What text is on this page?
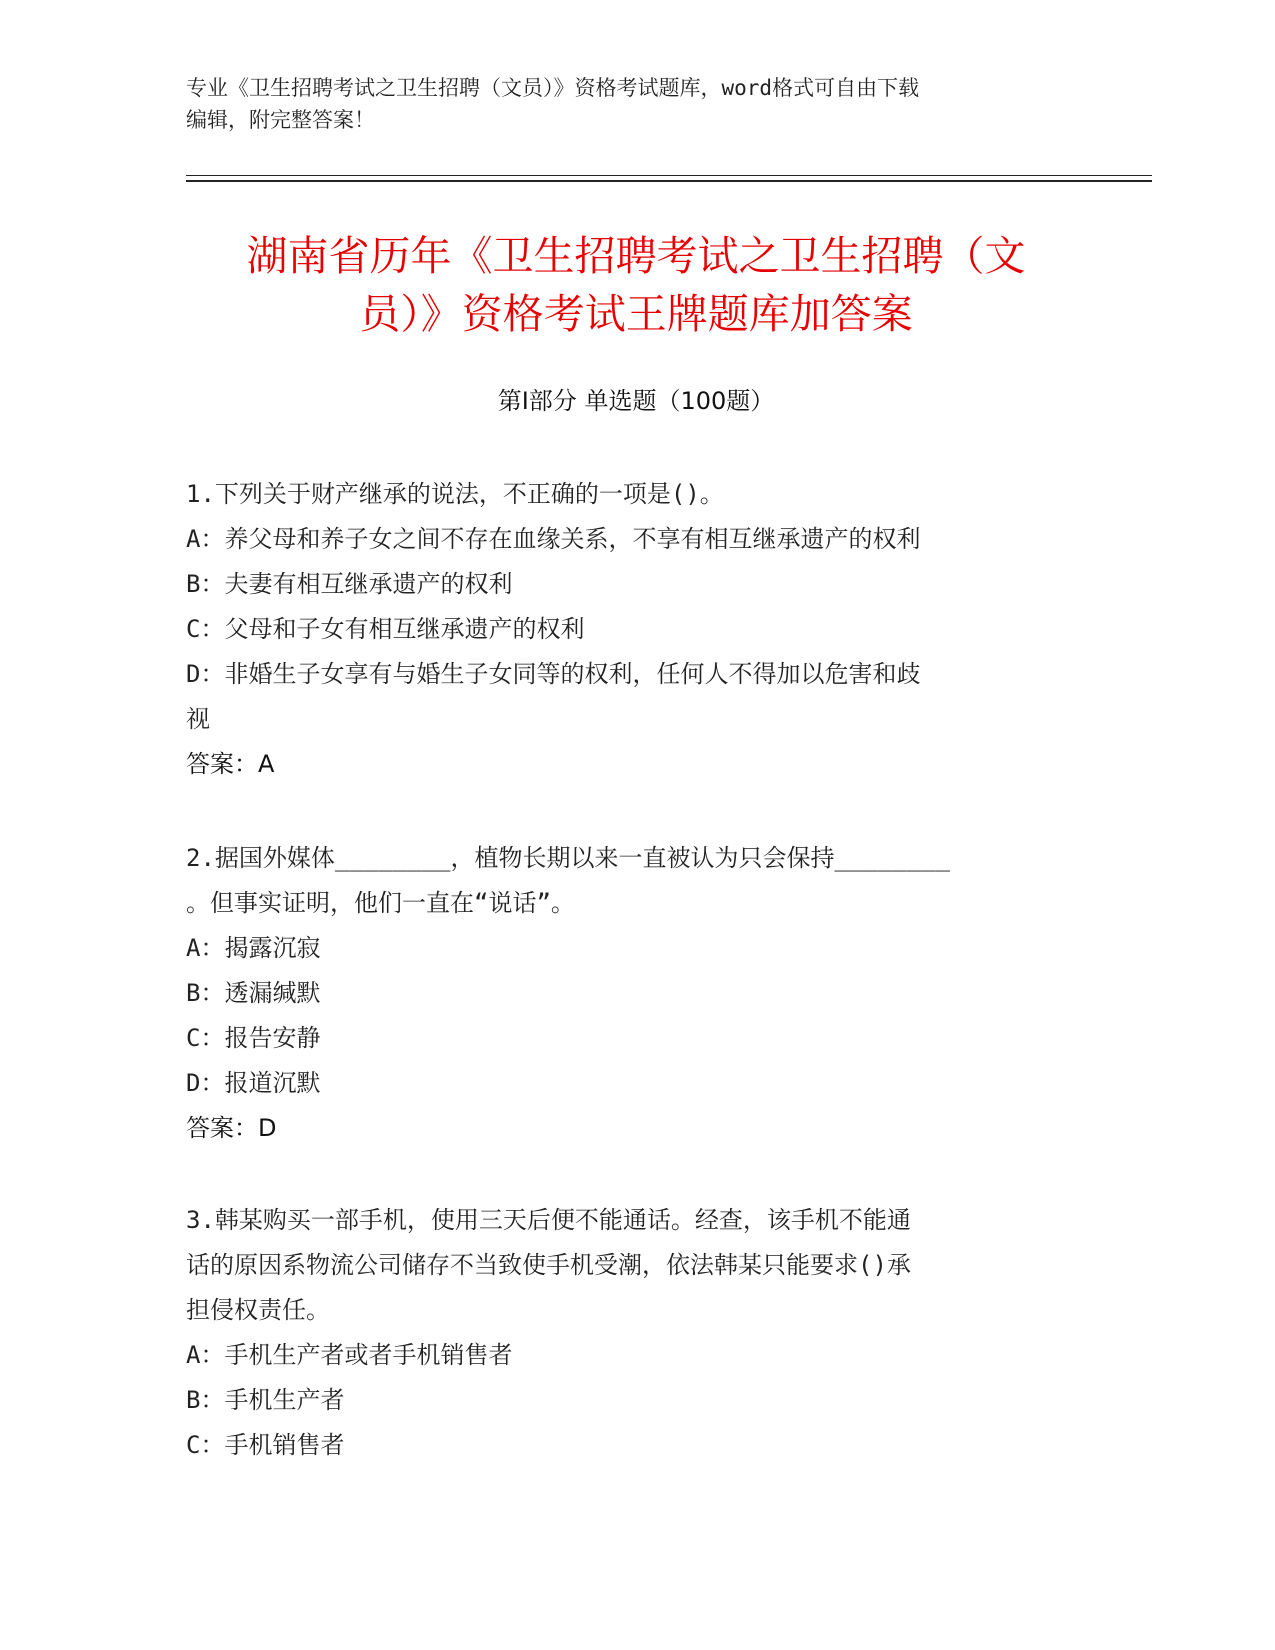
专业《卫生招聘考试之卫生招聘（文员）》资格考试题库，word格式可自由下载

编辑，附完整答案！

湖南省历年《卫生招聘考试之卫生招聘（文
员）》资格考试王牌题库加答案
第Ⅰ部分 单选题（100题）

1.下列关于财产继承的说法，不正确的一项是()。

A：养父母和养子女之间不存在血缘关系，不享有相互继承遗产的权利

B：夫妻有相互继承遗产的权利

C：父母和子女有相互继承遗产的权利

D：非婚生子女享有与婚生子女同等的权利，任何人不得加以危害和歧

视

答案：A

2.据国外媒体________，植物长期以来一直被认为只会保持________

。但事实证明，他们一直在“说话”。

A：揭露沉寂

B：透漏缄默

C：报告安静

D：报道沉默

答案：D

3.韩某购买一部手机，使用三天后便不能通话。经查，该手机不能通

话的原因系物流公司储存不当致使手机受潮，依法韩某只能要求()承

担侵权责任。

A：手机生产者或者手机销售者

B：手机生产者

C：手机销售者
